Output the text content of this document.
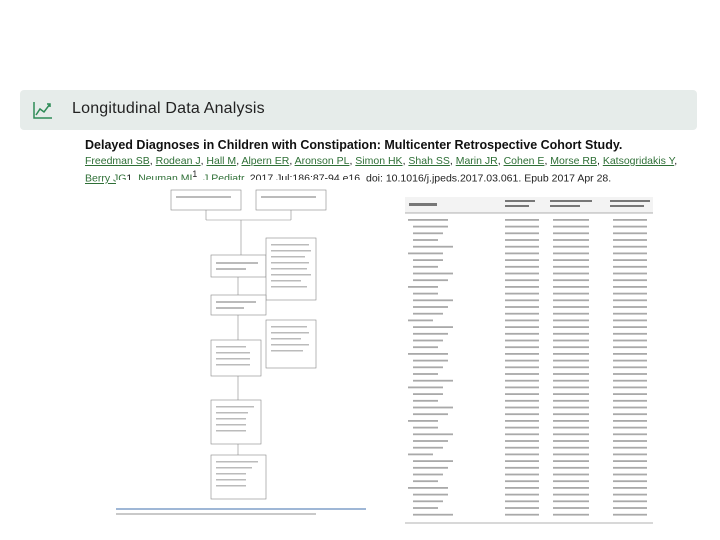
Longitudinal Data Analysis
Delayed Diagnoses in Children with Constipation: Multicenter Retrospective Cohort Study.
Freedman SB, Rodean J, Hall M, Alpern ER, Aronson PL, Simon HK, Shah SS, Marin JR, Cohen E, Morse RB, Katsogridakis Y, Berry JG1, Neuman $MI^1$, J Pediatr. 2017 Jul;186:87-94.e16. doi: 10.1016/j.jpeds.2017.03.061. Epub 2017 Apr 28.
